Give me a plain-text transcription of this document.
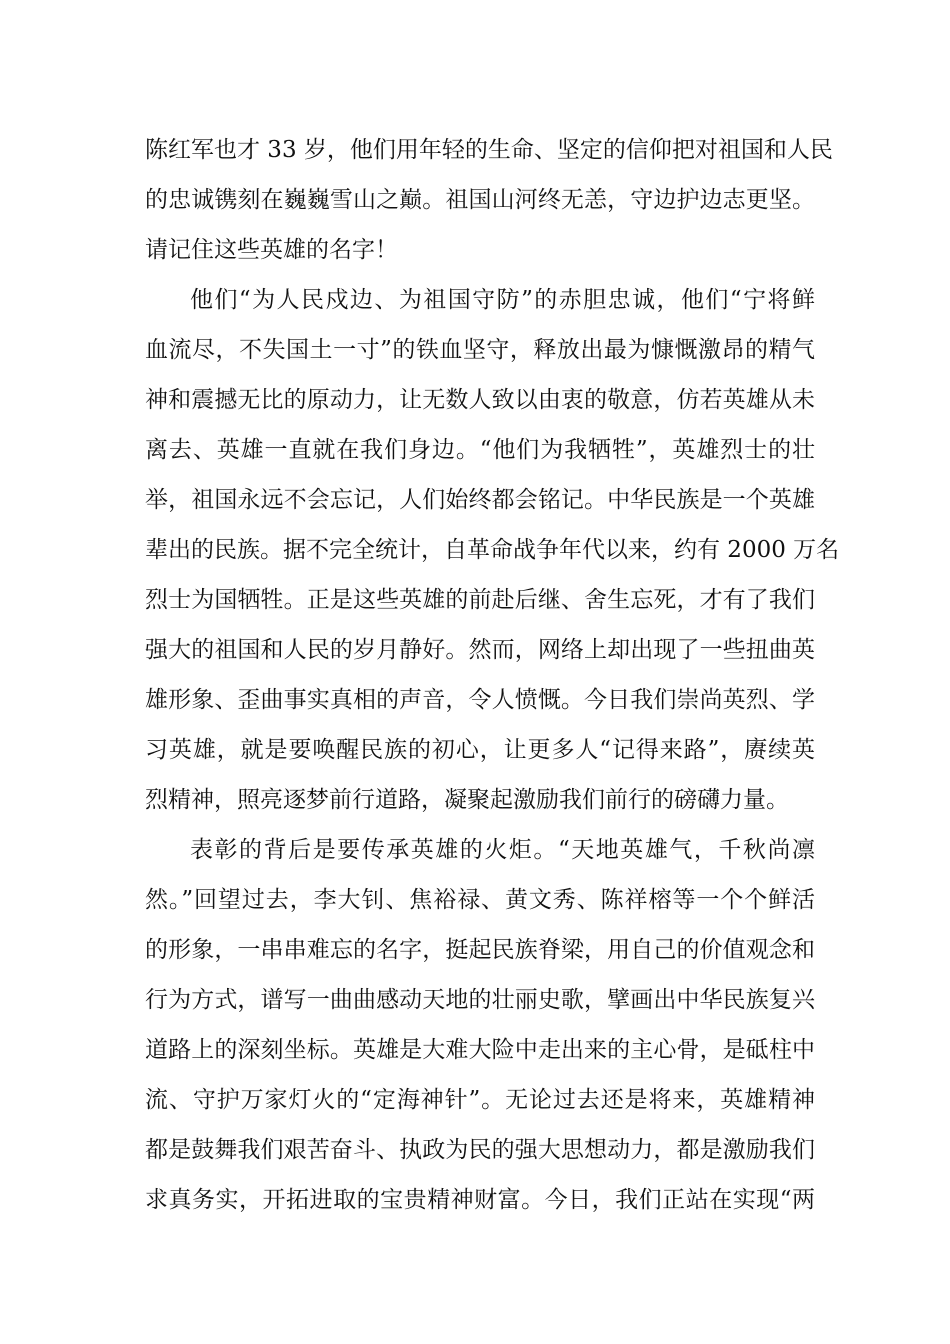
陈红军也才 33 岁，他们用年轻的生命、坚定的信仰把对祖国和人民
的忠诚镌刻在巍巍雪山之巅。祖国山河终无恙，守边护边志更坚。
请记住这些英雄的名字！
他们“为人民戍边、为祖国守防”的赤胆忠诚，他们“宁将鲜
血流尽，不失国土一寸”的铁血坚守，释放出最为慷慨激昂的精气
神和震撼无比的原动力，让无数人致以由衷的敬意，仿若英雄从未
离去、英雄一直就在我们身边。“他们为我牺牲”，英雄烈士的壮
举，祖国永远不会忘记，人们始终都会铭记。中华民族是一个英雄
辈出的民族。据不完全统计，自革命战争年代以来，约有 2000 万名
烈士为国牺牲。正是这些英雄的前赴后继、舍生忘死，才有了我们
强大的祖国和人民的岁月静好。然而，网络上却出现了一些扭曲英
雄形象、歪曲事实真相的声音，令人愤慨。今日我们崇尚英烈、学
习英雄，就是要唤醒民族的初心，让更多人“记得来路”，赓续英
烈精神，照亮逐梦前行道路，凝聚起激励我们前行的磅礴力量。
表彰的背后是要传承英雄的火炬。“天地英雄气，千秋尚凛
然。”回望过去，李大钊、焦裕禄、黄文秀、陈祥榕等一个个鲜活
的形象，一串串难忘的名字，挺起民族脊梁，用自己的价值观念和
行为方式，谱写一曲曲感动天地的壮丽史歌，擘画出中华民族复兴
道路上的深刻坐标。英雄是大难大险中走出来的主心骨，是砥柱中
流、守护万家灯火的“定海神针”。无论过去还是将来，英雄精神
都是鼓舞我们艰苦奋斗、执政为民的强大思想动力，都是激励我们
求真务实，开拓进取的宝贵精神财富。今日，我们正站在实现“两
